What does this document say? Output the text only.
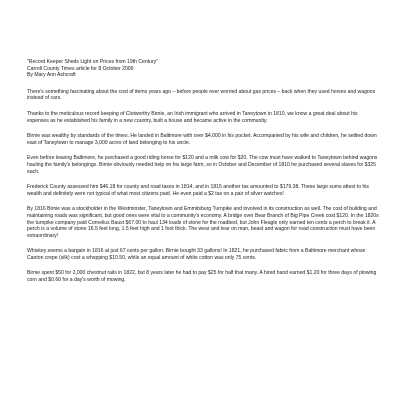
"Record Keeper Sheds Light on Prices from 19th Century"

Carroll County Times article for 8 October 2006

By Mary Ann Ashcraft

There's something fascinating about the cost of items years ago – before people ever worried about gas prices – back when they used horses and wagons instead of cars.

Thanks to the meticulous record keeping of Clotworthy Birnie, an Irish immigrant who arrived in Taneytown in 1810, we know a great deal about his expenses as he established his family in a new country, built a house and became active in the community.

Birnie was wealthy by standards of the times. He landed in Baltimore with over $4,000 in his pocket. Accompanied by his wife and children, he settled down east of Taneytown to manage 3,000 acres of land belonging to his uncle.

Even before leaving Baltimore, he purchased a good riding horse for $120 and a milk cow for $20. The cow must have walked to Taneytown behind wagons hauling the family's belongings. Birnie obviously needed help on his large farm, so in October and December of 1810 he purchased several slaves for $325 each.

Frederick County assessed him $46.18 for county and road taxes in 1814, and in 1815 another tax amounted to $179.38. These large sums attest to his wealth and definitely were not typical of what most citizens paid. He even paid a $2 tax on a pair of silver watches!

By 1816 Birnie was a stockholder in the Westminster, Taneytown and Emmitsburg Turnpike and involved in its construction as well. The cost of building and maintaining roads was significant, but good ones were vital to a community's economy. A bridge over Bear Branch of Big Pipe Creek cost $120. In the 1820s the turnpike company paid Cornelius Baust $67.00 to haul 134 loads of stone for the roadbed, but John Fleagle only earned ten cents a perch to break it. A perch is a volume of stone 16.5 feet long, 1.5 feet high and 1 foot thick. The wear and tear on man, beast and wagon for road construction must have been extraordinary!

Whiskey seems a bargain in 1816 at just 67 cents per gallon. Birnie bought 33 gallons! In 1821, he purchased fabric from a Baltimore merchant whose Canton crepe (silk) cost a whopping $10.50, while an equal amount of white cotton was only 75 cents.

Birnie spent $50 for 2,000 chestnut rails in 1822, but 8 years later he had to pay $25 for half that many. A hired hand earned $1.20 for three days of plowing corn and $0.60 for a day's worth of mowing.
